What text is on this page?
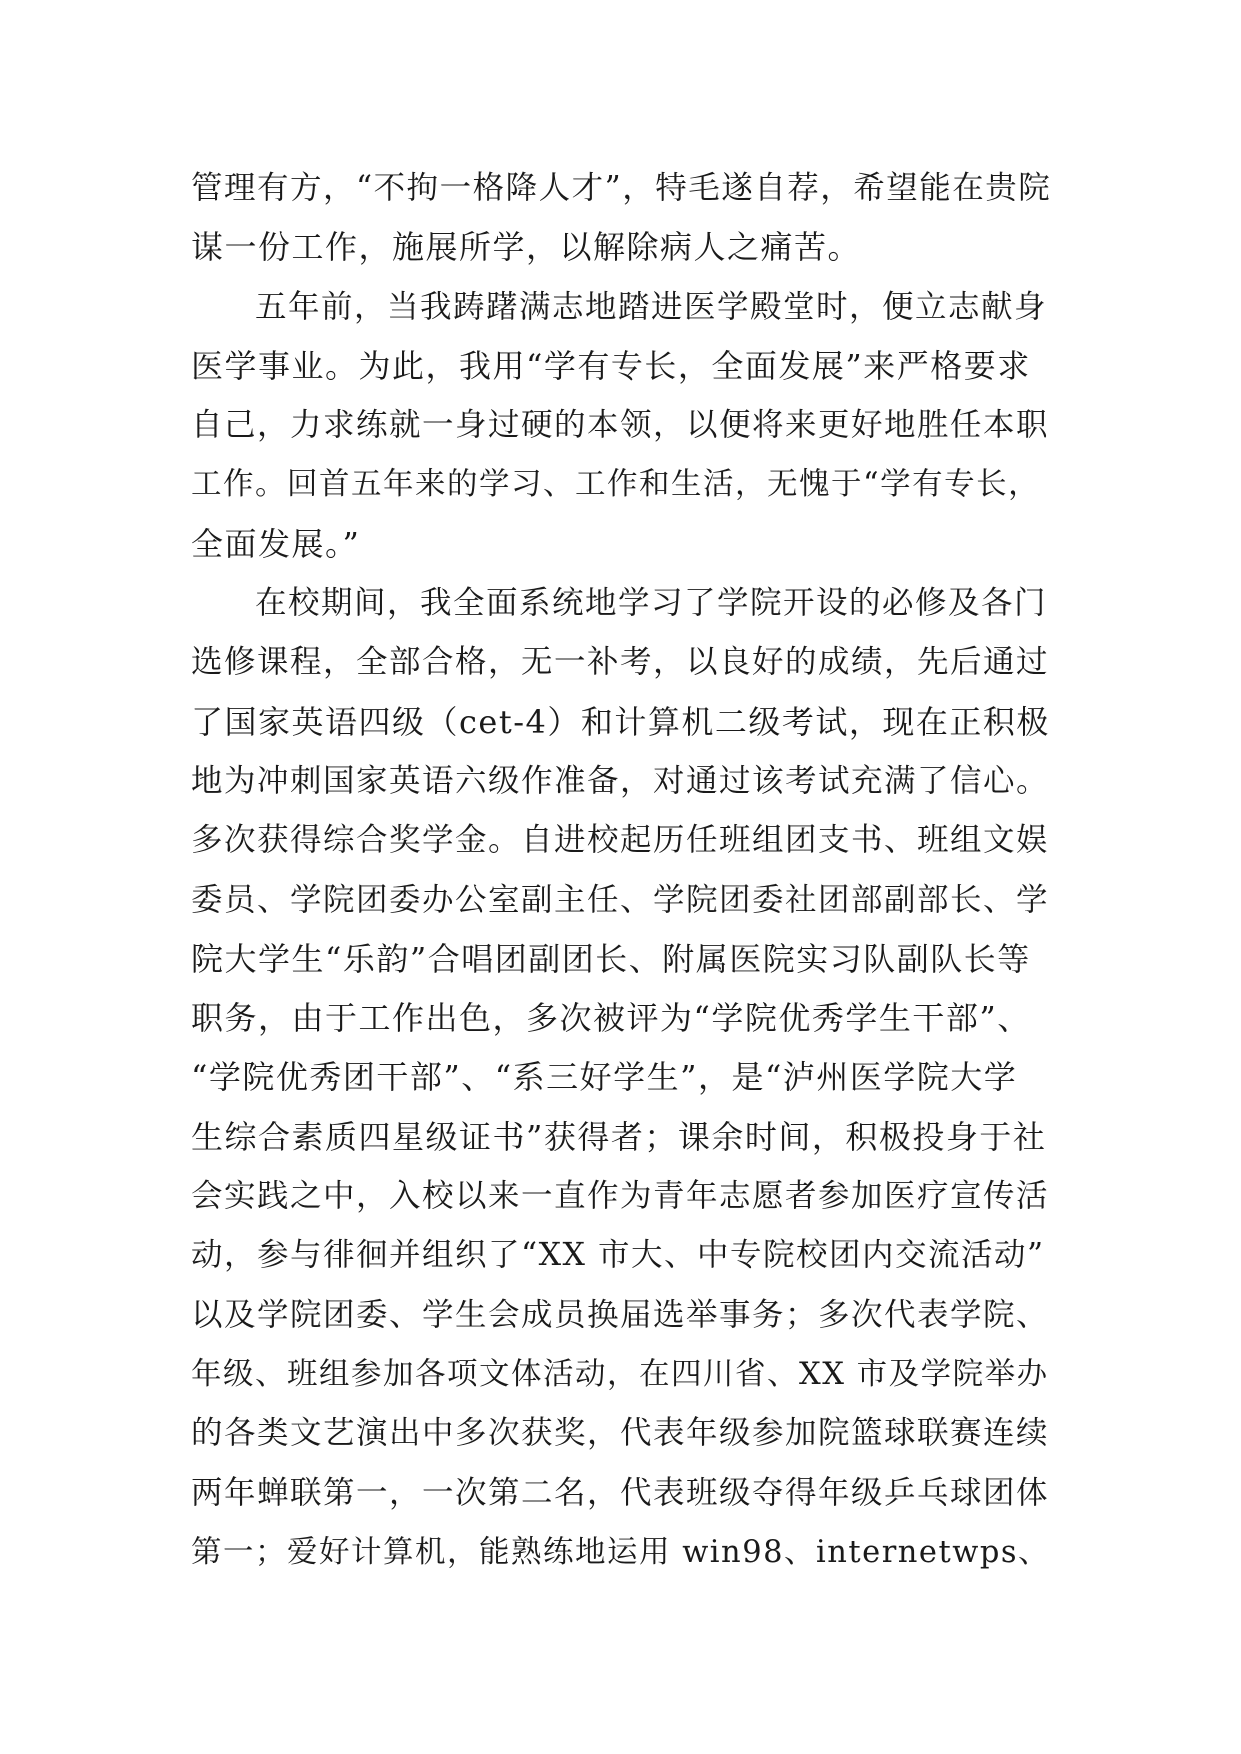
管理有方，“不拘一格降人才”，特毛遂自荐，希望能在贵院
谋一份工作，施展所学，以解除病人之痛苦。
五年前，当我踌躇满志地踏进医学殿堂时，便立志献身
医学事业。为此，我用“学有专长，全面发展”来严格要求
自己，力求练就一身过硬的本领，以便将来更好地胜任本职
工作。回首五年来的学习、工作和生活，无愧于“学有专长，
全面发展。”
在校期间，我全面系统地学习了学院开设的必修及各门
选修课程，全部合格，无一补考，以良好的成绩，先后通过
了国家英语四级（cet-4）和计算机二级考试，现在正积极
地为冲刺国家英语六级作准备，对通过该考试充满了信心。
多次获得综合奖学金。自进校起历任班组团支书、班组文娱
委员、学院团委办公室副主任、学院团委社团部副部长、学
院大学生“乐韵”合唱团副团长、附属医院实习队副队长等
职务，由于工作出色，多次被评为“学院优秀学生干部”、
“学院优秀团干部”、“系三好学生”，是“泸州医学院大学
生综合素质四星级证书”获得者；课余时间，积极投身于社
会实践之中，入校以来一直作为青年志愿者参加医疗宣传活
动，参与徘徊并组织了“XX 市大、中专院校团内交流活动”
以及学院团委、学生会成员换届选举事务；多次代表学院、
年级、班组参加各项文体活动，在四川省、XX 市及学院举办
的各类文艺演出中多次获奖，代表年级参加院篮球联赛连续
两年蝉联第一，一次第二名，代表班级夺得年级乒乓球团体
第一；爱好计算机，能熟练地运用 win98、internetwps、
